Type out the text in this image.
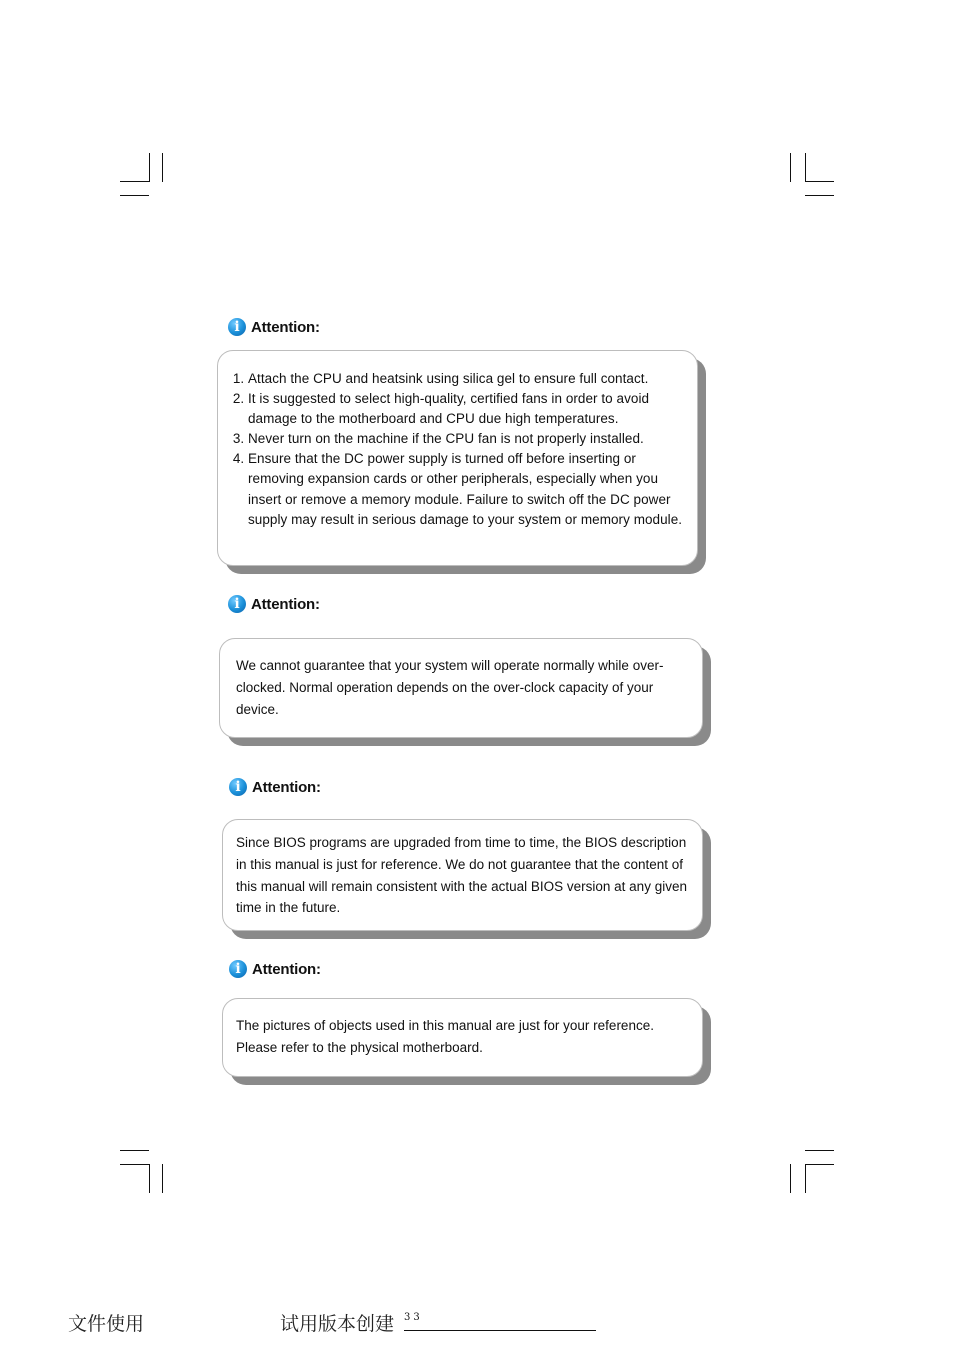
i Attention:
1. Attach the CPU and heatsink using silica gel to ensure full contact.
2. It is suggested to select high-quality, certified fans in order to avoid damage to the motherboard and CPU due high temperatures.
3. Never turn on the machine if the CPU fan is not properly installed.
4. Ensure that the DC power supply is turned off before inserting or removing expansion cards or other peripherals, especially when you insert or remove a memory module. Failure to switch off the DC power supply may result in serious damage to your system or memory module.
i Attention:

We cannot guarantee that your system will operate normally while over-clocked. Normal operation depends on the over-clock capacity of your device.

i Attention:

Since BIOS programs are upgraded from time to time, the BIOS description in this manual is just for reference. We do not guarantee that the content of this manual will remain consistent with the actual BIOS version at any given time in the future.

i Attention:

The pictures of objects used in this manual are just for your reference. Please refer to the physical motherboard.

文件使用	试用版本创建 33
